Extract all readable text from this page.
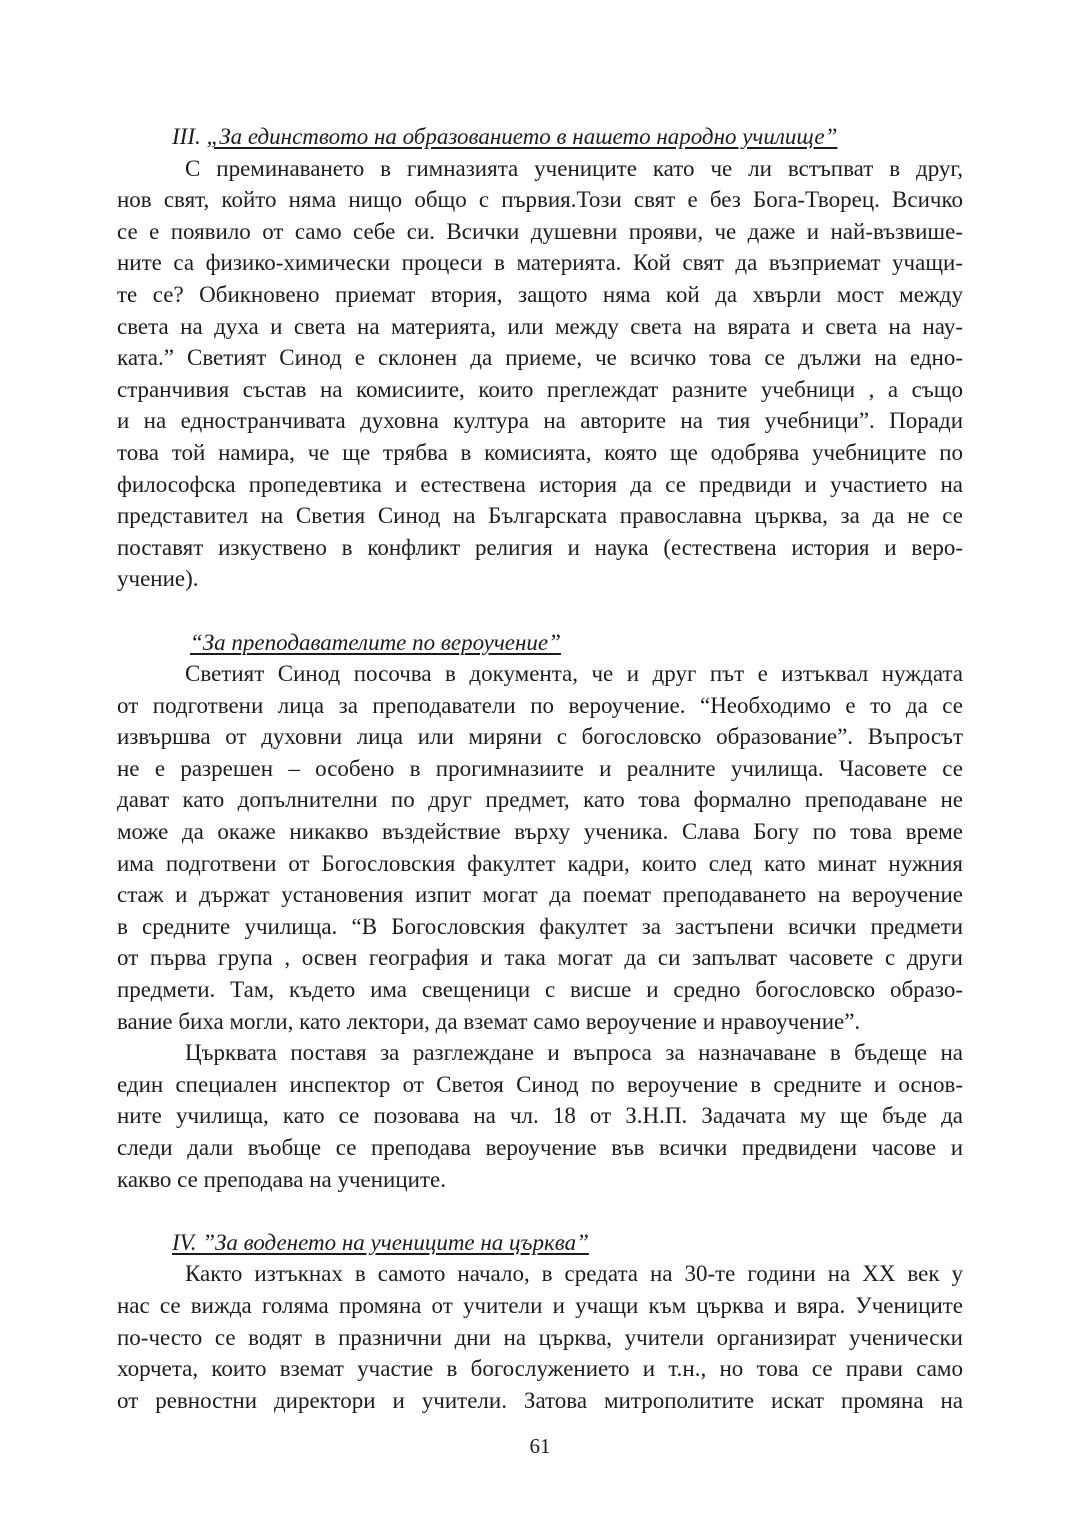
III. „За единството на образованието в нашето народно училище”
С преминаването в гимназията учениците като че ли встъпват в друг,
нов свят, който няма нищо общо с първия.Този свят е без Бога-Творец. Всичко
се е появило от само себе си. Всички душевни прояви, че даже и най-възвише-
ните са физико-химически процеси в материята. Кой свят да възприемат учащи-
те се? Обикновено приемат втория, защото няма кой да хвърли мост между
света на духа и света на материята, или между света на вярата и света на нау-
ката.” Светият Синод е склонен да приеме, че всичко това се дължи на едно-
странчивия състав на комисиите, които преглеждат разните учебници , а също
и на едностранчивата духовна култура на авторите на тия учебници”. Поради
това той намира, че ще трябва в комисията, която ще одобрява учебниците по
философска пропедевтика и естествена история да се предвиди и участието на
представител на Светия Синод на Българската православна църква, за да не се
поставят изкуствено в конфликт религия и наука (естествена история и веро-
учение).
“За преподавателите по вероучение”
Светият Синод посочва в документа, че и друг път е изтъквал нуждата
от подготвени лица за преподаватели по вероучение. “Необходимо е то да се
извършва от духовни лица или миряни с богословско образование”. Въпросът
не е разрешен – особено в прогимназиите и реалните училища. Часовете се
дават като допълнителни по друг предмет, като това формално преподаване не
може да окаже никакво въздействие върху ученика. Слава Богу по това време
има подготвени от Богословския факултет кадри, които след като минат нужния
стаж и държат установения изпит могат да поемат преподаването на вероучение
в средните училища. “В Богословския факултет за застъпени всички предмети
от първа група , освен география и така могат да си запълват часовете с други
предмети. Там, където има свещеници с висше и средно богословско образо-
вание биха могли, като лектори, да вземат само вероучение и нравоучение”.
Църквата поставя за разглеждане и въпроса за назначаване в бъдеще на
един специален инспектор от Светоя Синод по вероучение в средните и основ-
ните училища, като се позовава на чл. 18 от З.Н.П. Задачата му ще бъде да
следи дали въобще се преподава вероучение във всички предвидени часове и
какво се преподава на учениците.
IV. ”За воденето на учениците на църква”
Както изтъкнах в самото начало, в средата на 30-те години на XX век у
нас се вижда голяма промяна от учители и учащи към църква и вяра. Учениците
по-често се водят в празнични дни на църква, учители организират ученически
хорчета, които вземат участие в богослужението и т.н., но това се прави само
от ревностни директори и учители. Затова митрополитите искат промяна на
61
